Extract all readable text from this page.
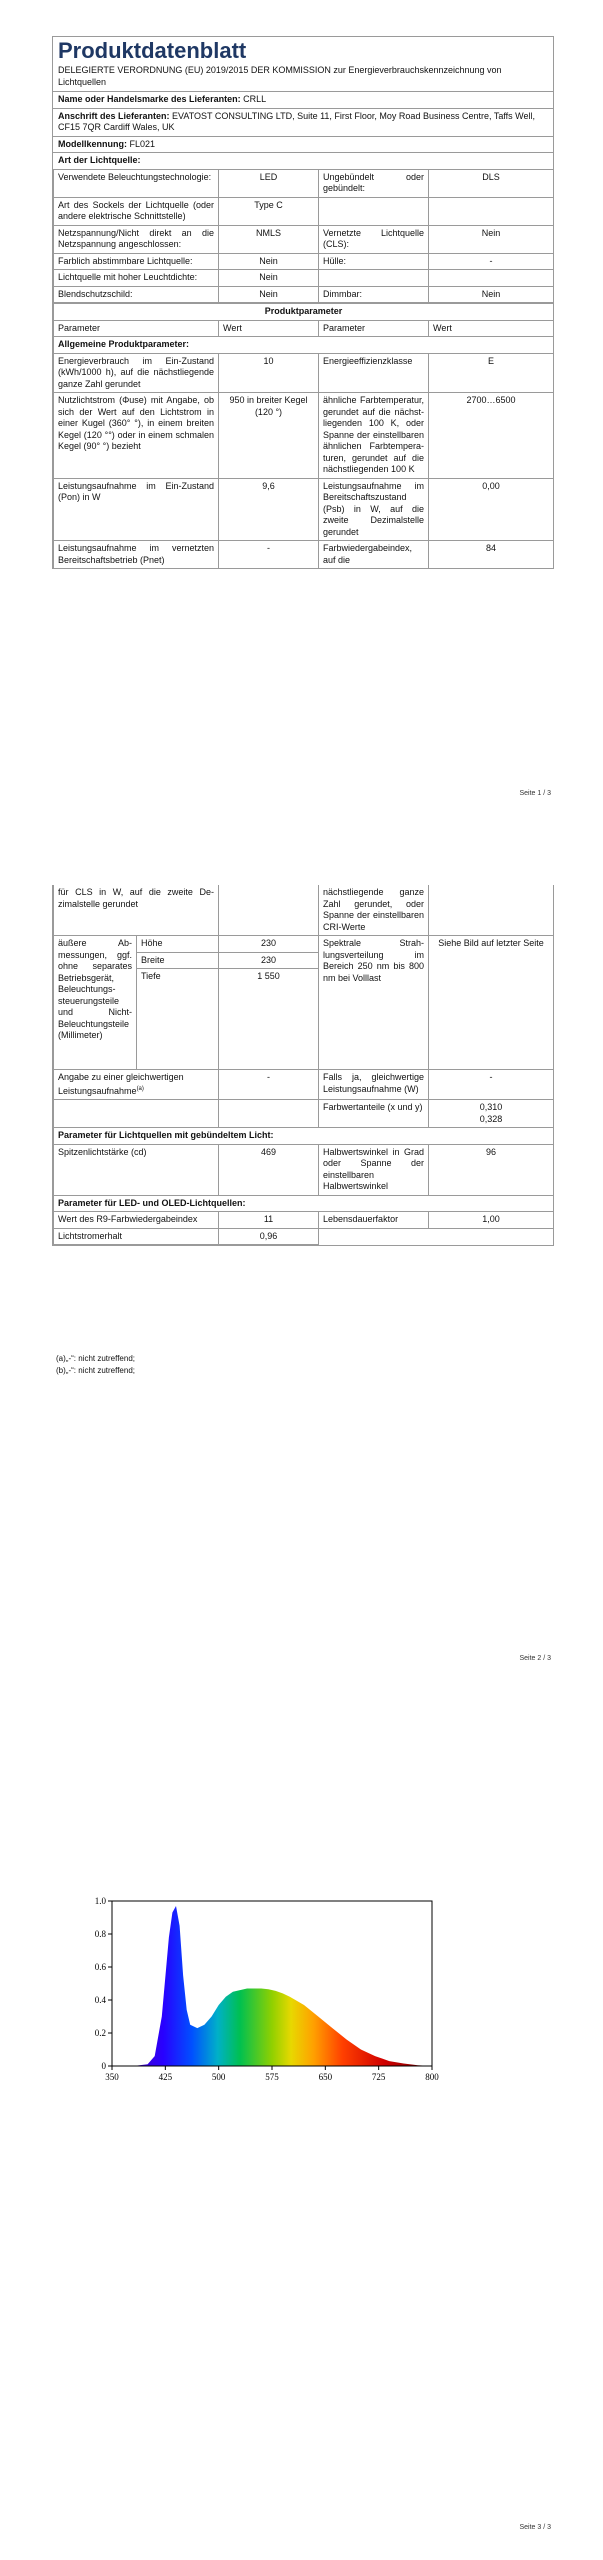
Produktdatenblatt
DELEGIERTE VERORDNUNG (EU) 2019/2015 DER KOMMISSION zur Energieverbrauchskennzeichnung von Lichtquellen
Name oder Handelsmarke des Lieferanten: CRLL
Anschrift des Lieferanten: EVATOST CONSULTING LTD, Suite 11, First Floor, Moy Road Business Centre, Taffs Well, CF15 7QR Cardiff Wales, UK
Modellkennung: FL021
Art der Lichtquelle:
Verwendete Beleuchtungstechnologie:	LED	Ungebündelt oder gebündelt:	DLS
Art des Sockels der Lichtquelle (oder andere elektrische Schnittstelle)	Type C		
Netzspannung/Nicht direkt an die Netzspannung angeschlossen:	NMLS	Vernetzte Lichtquelle (CLS):	Nein
Farblich abstimmbare Lichtquelle:	Nein	Hülle:	-
Lichtquelle mit hoher Leuchtdichte:	Nein		
Blendschutzschild:	Nein	Dimmbar:	Nein
Produktparameter			
Parameter	Wert	Parameter	Wert
Allgemeine Produktparameter:			
Energieverbrauch im Ein-Zustand (kWh/1000 h), auf die nächstliegende ganze Zahl gerundet	10	Energieeffizienzklasse	E
Nutzlichtstrom (Φuse) mit Angabe, ob sich der Wert auf den Lichtstrom in einer Kugel (360° °), in einem breiten Kegel (120 °°) oder in einem schmalen Kegel (90° °) bezieht	950 in breiter Kegel (120 °)	ähnliche Farbtemperatur, gerundet auf die nächstliegenden 100 K, oder Spanne der einstellbaren ähnlichen Farbtemperaturen, gerundet auf die nächstliegenden 100 K	2700…6500
Leistungsaufnahme im Ein-Zustand (Pon) in W	9,6	Leistungsaufnahme im Bereitschaftszustand (Psb) in W, auf die zweite Dezimalstelle gerundet	0,00
Leistungsaufnahme im vernetzten Bereitschaftsbetrieb (Pnet)	-	Farbwiedergabeindex, auf die	84
Seite 1 / 3
für CLS in W, auf die zweite Dezimalstelle gerundet			nächstliegende ganze Zahl gerundet, oder Spanne der einstellbaren CRI-Werte	
äußere Abmessungen, ggf. ohne separates Betriebsgerät, Beleuchtungssteuerungsteile und Nicht-Beleuchtungsteile (Millimeter)	Höhe	230	Spektrale Strahlungsverteilung im Bereich 250 nm bis 800 nm bei Volllast	Siehe Bild auf letzter Seite
	Breite	230		
	Tiefe	1 550		
Angabe zu einer gleichwertigen Leistungsaufnahme$^{(a)}$		-	Falls ja, gleichwertige Leistungsaufnahme (W)	-
			Farbwertanteile (x und y)	0,310
0,328

Parameter für Lichtquellen mit gebündeltem Licht:				
Spitzenlichtstärke (cd)		469	Halbwertswinkel in Grad oder Spanne der einstellbaren Halbwertswinkel	96
Parameter für LED- und OLED-Lichtquellen:				
Wert des R9-Farbwiedergabeindex		11	Lebensdauerfaktor	1,00
Lichtstromerhalt		0,96		
(a)„-“: nicht zutreffend;
(b)„-“: nicht zutreffend;
Seite 2 / 3
Seite 3 / 3
350	425	500	575	650	725	800
0
0.2
0.4
0.6
0.8
1.0
